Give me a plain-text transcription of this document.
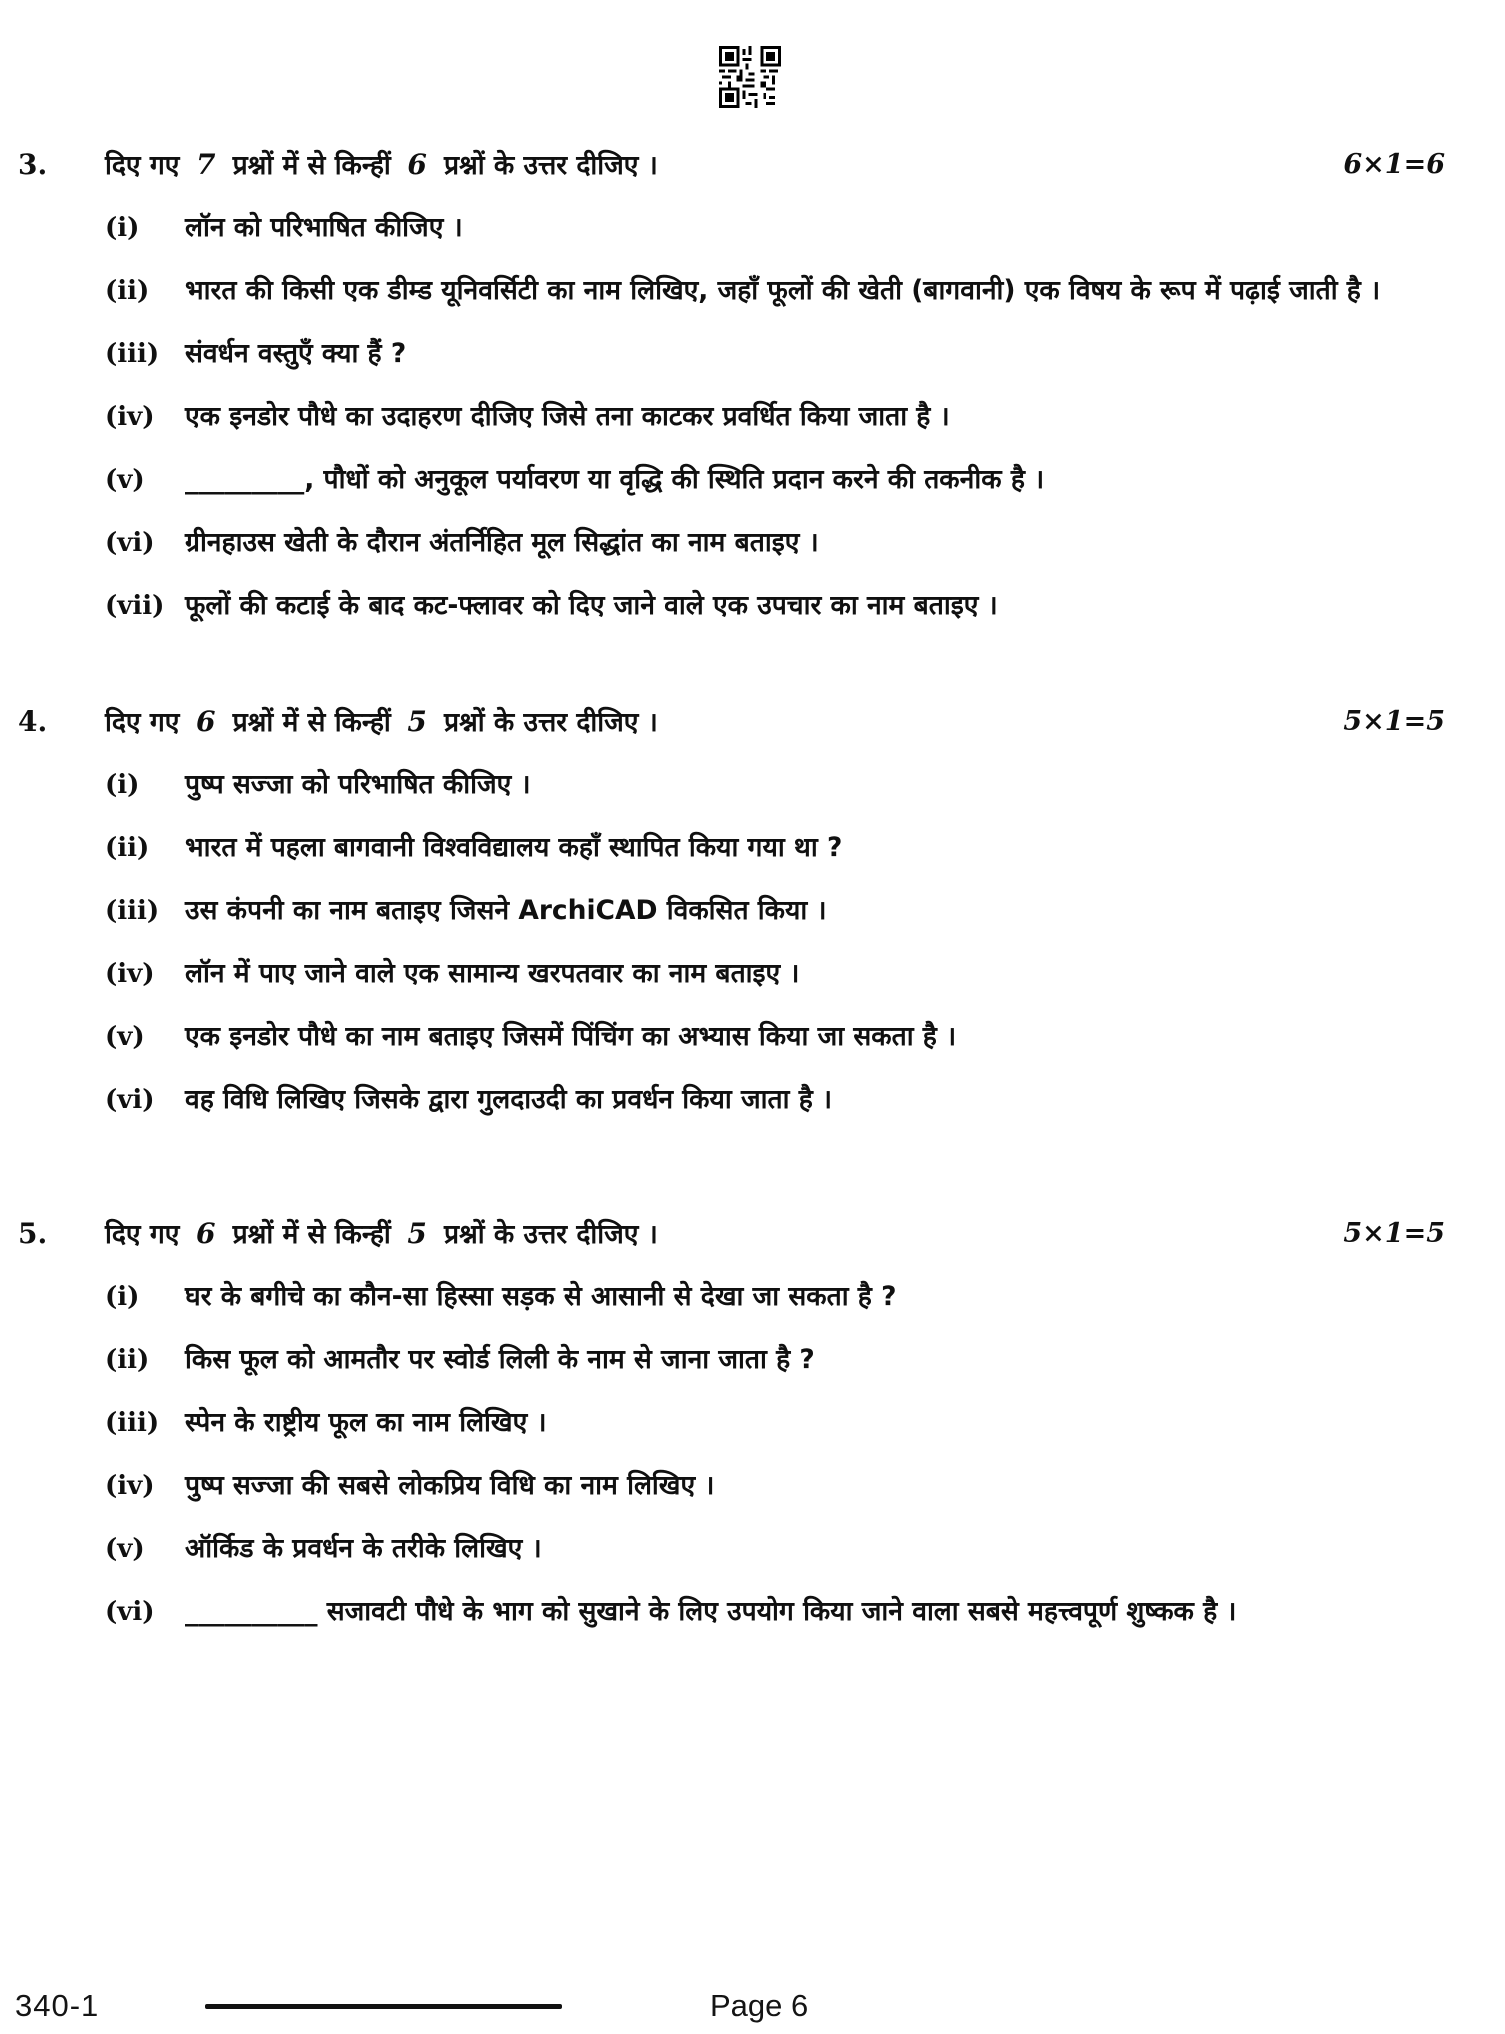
3.	दिए गए 7 प्रश्नों में से किन्हीं 6 प्रश्नों के उत्तर दीजिए ।	6×1=6
(i)	लॉन को परिभाषित कीजिए ।
(ii)	भारत की किसी एक डीम्ड यूनिवर्सिटी का नाम लिखिए, जहाँ फूलों की खेती (बागवानी) एक विषय के रूप में पढ़ाई जाती है ।
(iii) संवर्धन वस्तुएँ क्या हैं ?
(iv)	एक इनडोर पौधे का उदाहरण दीजिए जिसे तना काटकर प्रवर्धित किया जाता है ।
(v)	_________, पौधों को अनुकूल पर्यावरण या वृद्धि की स्थिति प्रदान करने की तकनीक है ।
(vi)	ग्रीनहाउस खेती के दौरान अंतर्निहित मूल सिद्धांत का नाम बताइए ।
(vii) फूलों की कटाई के बाद कट-फ्लावर को दिए जाने वाले एक उपचार का नाम बताइए ।
4.	दिए गए 6 प्रश्नों में से किन्हीं 5 प्रश्नों के उत्तर दीजिए ।	5×1=5
(i)	पुष्प सज्जा को परिभाषित कीजिए ।
(ii)	भारत में पहला बागवानी विश्वविद्यालय कहाँ स्थापित किया गया था ?
(iii) उस कंपनी का नाम बताइए जिसने ArchiCAD विकसित किया ।
(iv)	लॉन में पाए जाने वाले एक सामान्य खरपतवार का नाम बताइए ।
(v)	एक इनडोर पौधे का नाम बताइए जिसमें पिंचिंग का अभ्यास किया जा सकता है ।
(vi)	वह विधि लिखिए जिसके द्वारा गुलदाउदी का प्रवर्धन किया जाता है ।
5.	दिए गए 6 प्रश्नों में से किन्हीं 5 प्रश्नों के उत्तर दीजिए ।	5×1=5
(i)	घर के बगीचे का कौन-सा हिस्सा सड़क से आसानी से देखा जा सकता है ?
(ii)	किस फूल को आमतौर पर स्वोर्ड लिली के नाम से जाना जाता है ?
(iii) स्पेन के राष्ट्रीय फूल का नाम लिखिए ।
(iv)	पुष्प सज्जा की सबसे लोकप्रिय विधि का नाम लिखिए ।
(v)	ऑर्किड के प्रवर्धन के तरीके लिखिए ।
(vi)	__________ सजावटी पौधे के भाग को सुखाने के लिए उपयोग किया जाने वाला सबसे महत्त्वपूर्ण शुष्कक है ।
340-1	Page 6
